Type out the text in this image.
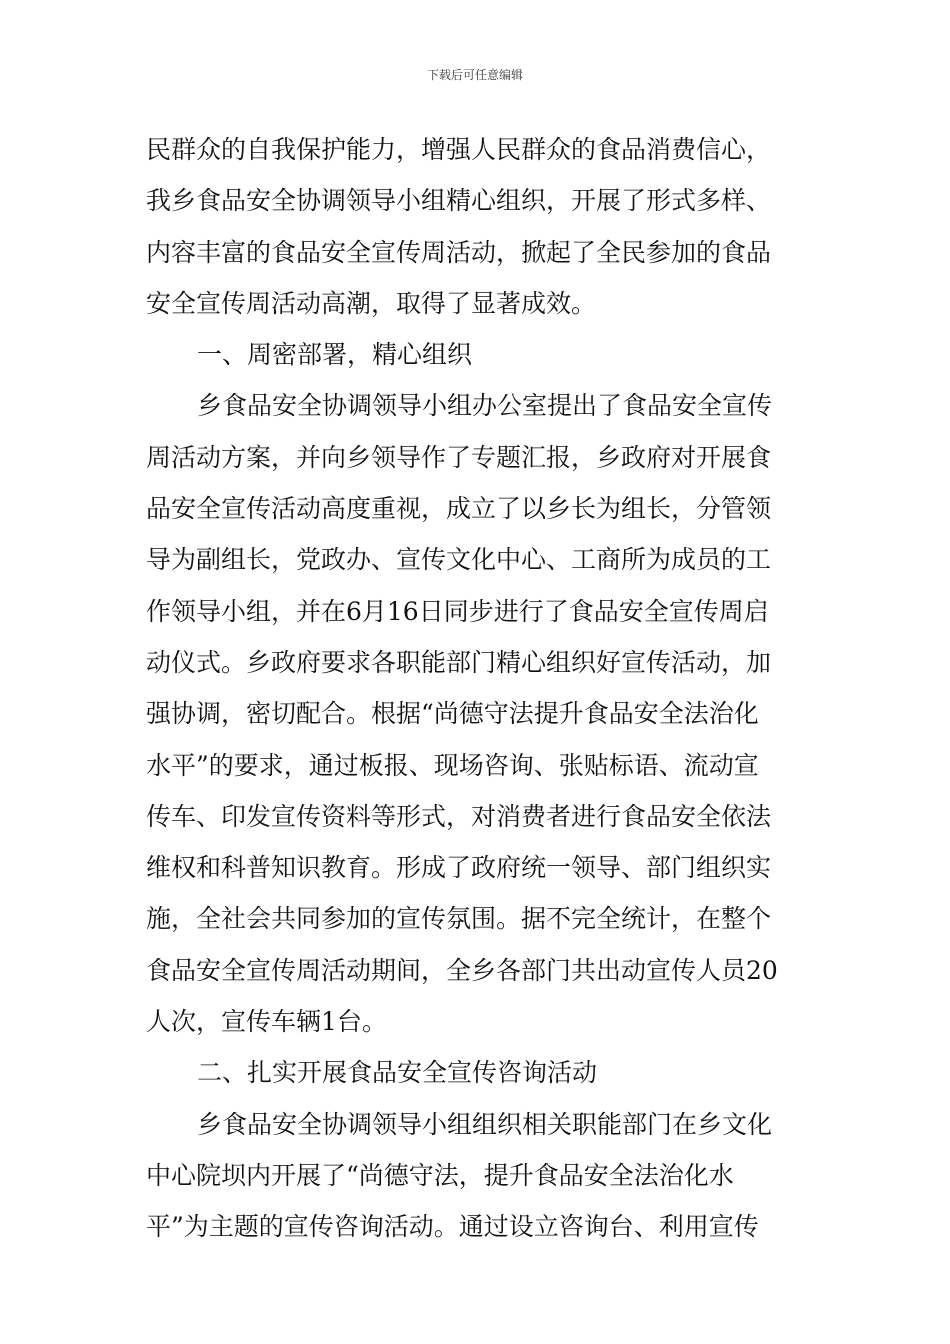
下载后可任意编辑
民群众的自我保护能力，增强人民群众的食品消费信心，
我乡食品安全协调领导小组精心组织，开展了形式多样、
内容丰富的食品安全宣传周活动，掀起了全民参加的食品
安全宣传周活动高潮，取得了显著成效。
一、周密部署，精心组织
乡食品安全协调领导小组办公室提出了食品安全宣传
周活动方案，并向乡领导作了专题汇报，乡政府对开展食
品安全宣传活动高度重视，成立了以乡长为组长，分管领
导为副组长，党政办、宣传文化中心、工商所为成员的工
作领导小组，并在6月16日同步进行了食品安全宣传周启
动仪式。乡政府要求各职能部门精心组织好宣传活动，加
强协调，密切配合。根据“尚德守法提升食品安全法治化
水平”的要求，通过板报、现场咨询、张贴标语、流动宣
传车、印发宣传资料等形式，对消费者进行食品安全依法
维权和科普知识教育。形成了政府统一领导、部门组织实
施，全社会共同参加的宣传氛围。据不完全统计，在整个
食品安全宣传周活动期间，全乡各部门共出动宣传人员20
人次，宣传车辆1台。
二、扎实开展食品安全宣传咨询活动
乡食品安全协调领导小组组织相关职能部门在乡文化
中心院坝内开展了“尚德守法，提升食品安全法治化水
平”为主题的宣传咨询活动。通过设立咨询台、利用宣传
